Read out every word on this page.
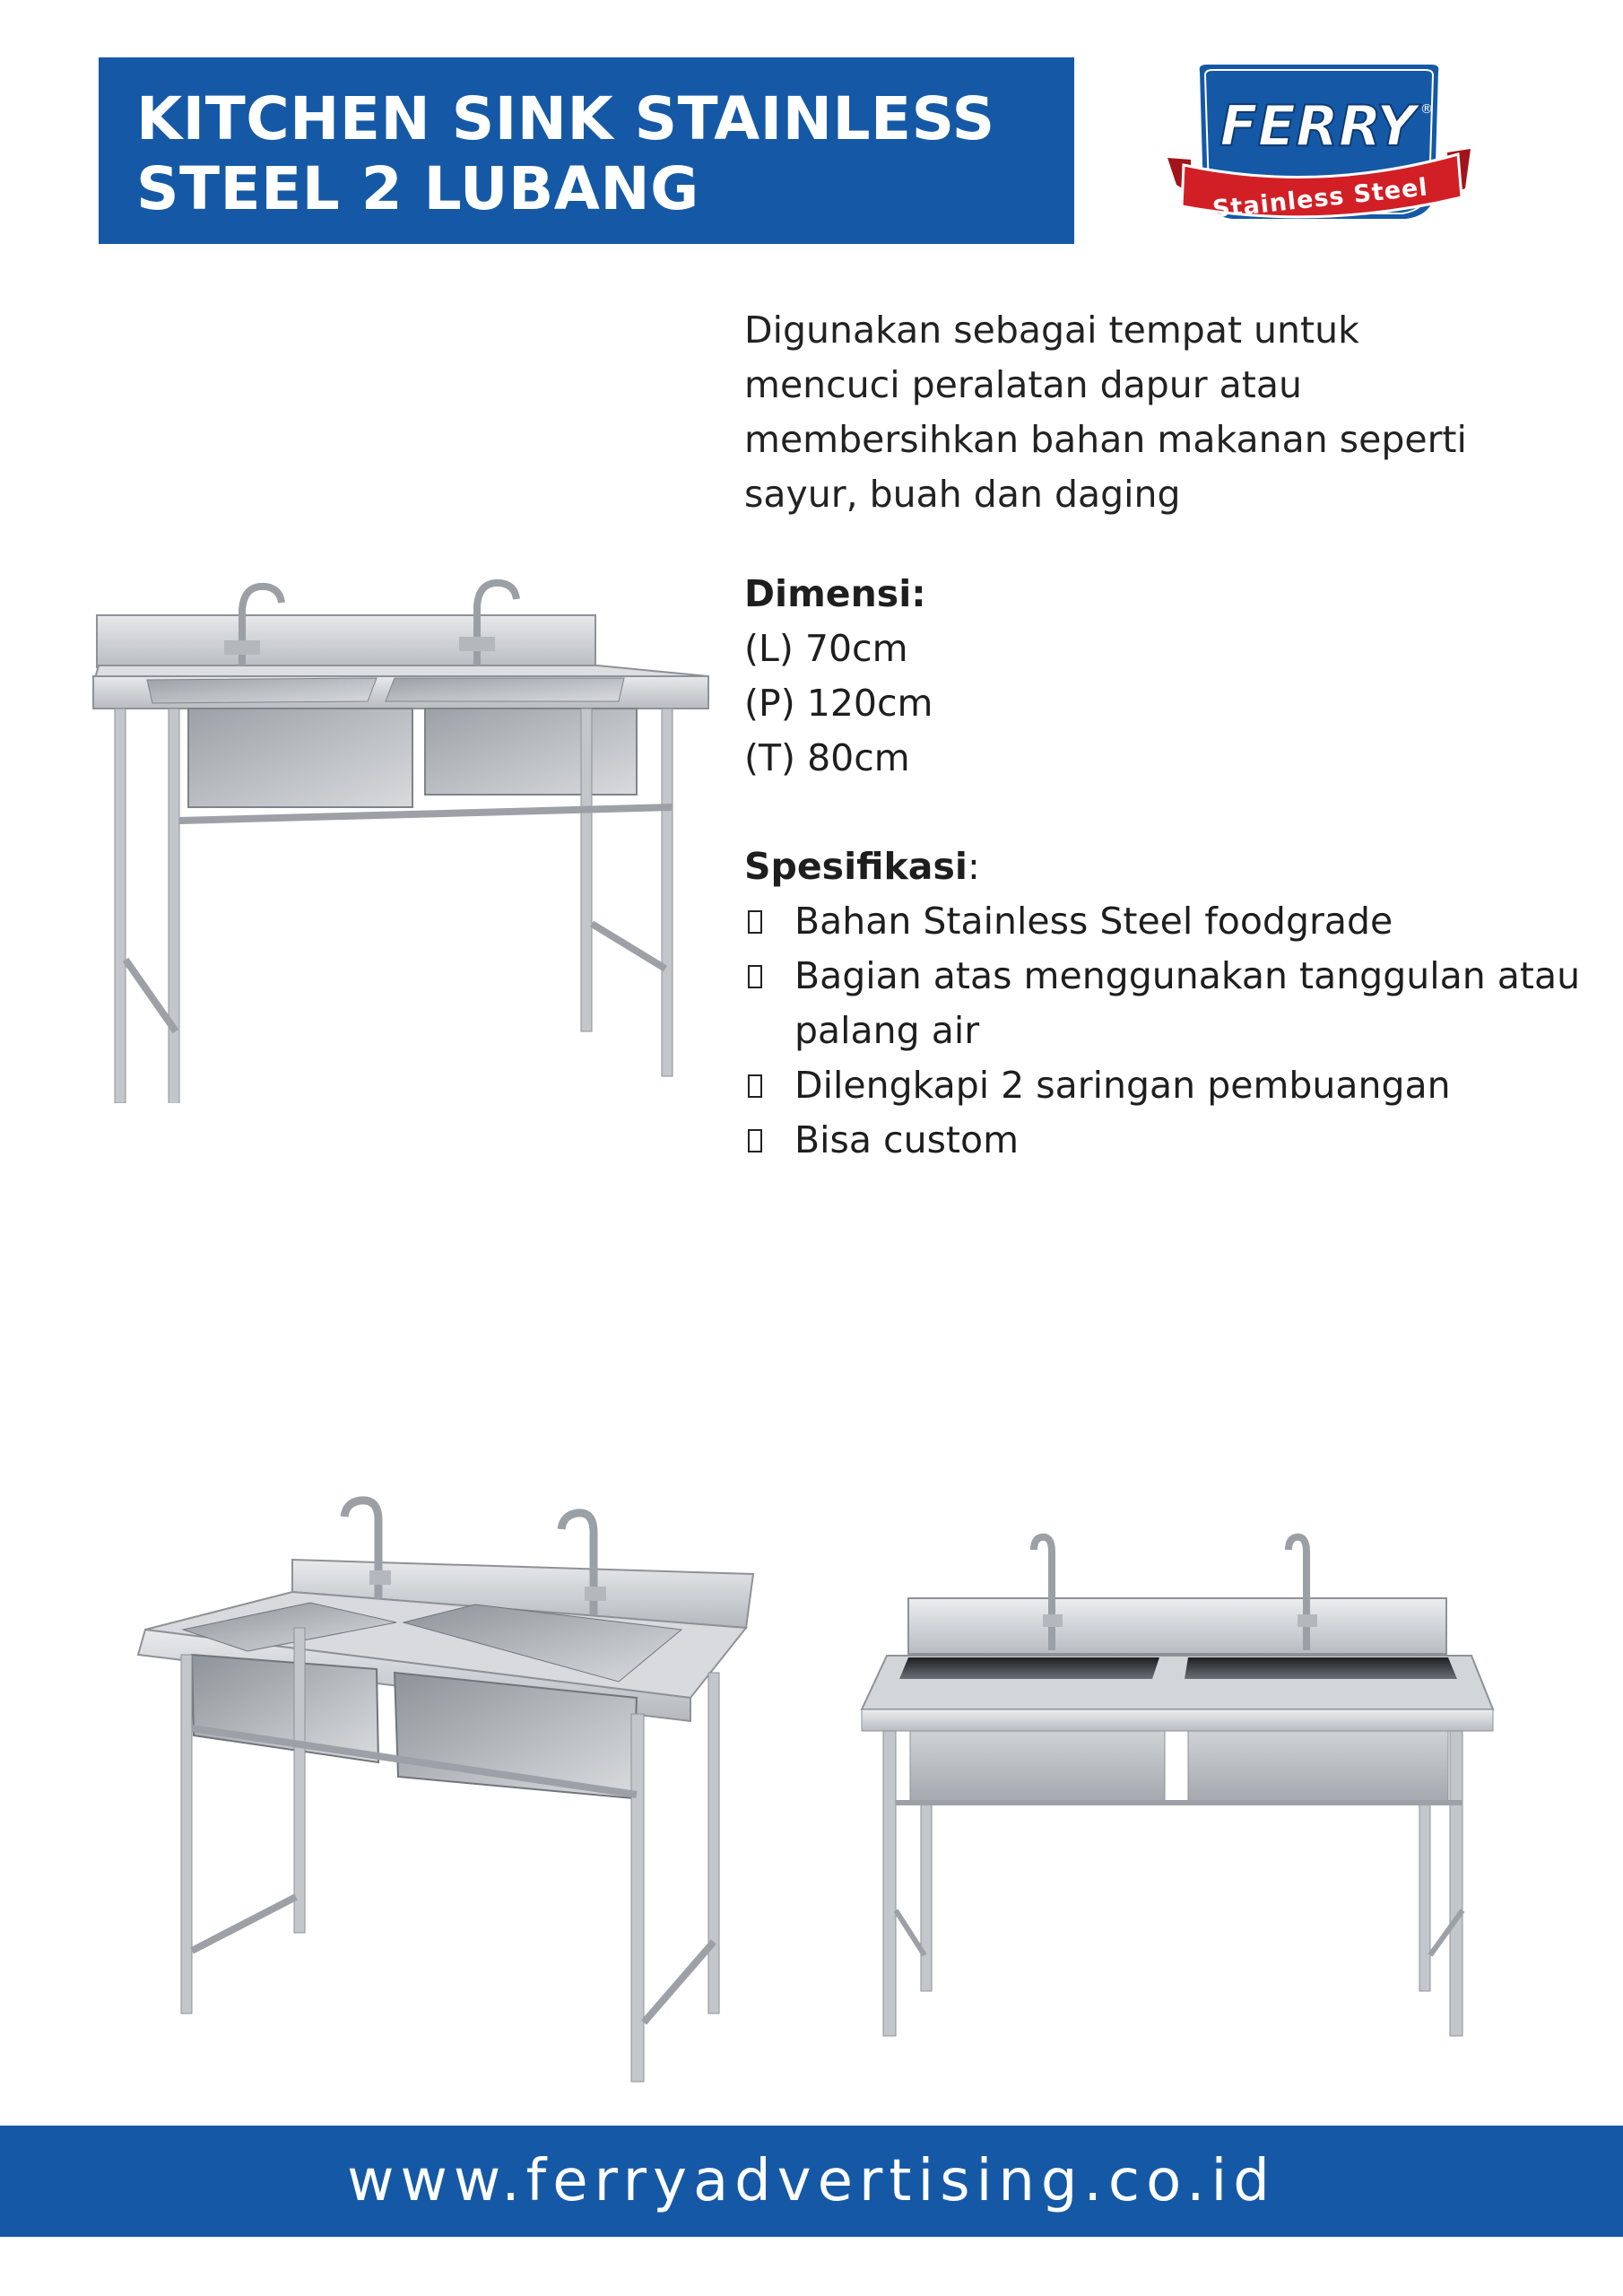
KITCHEN SINK STAINLESS
STEEL 2 LUBANG
FERRY ®
Stainless Steel
Digunakan sebagai tempat untuk
mencuci peralatan dapur atau
membersihkan bahan makanan seperti
sayur, buah dan daging
Dimensi:
(L) 70cm
(P) 120cm
(T) 80cm
Spesifikasi:
Bahan Stainless Steel foodgrade
Bagian atas menggunakan tanggulan atau palang air
Dilengkapi 2 saringan pembuangan
Bisa custom
www.ferryadvertising.co.id
